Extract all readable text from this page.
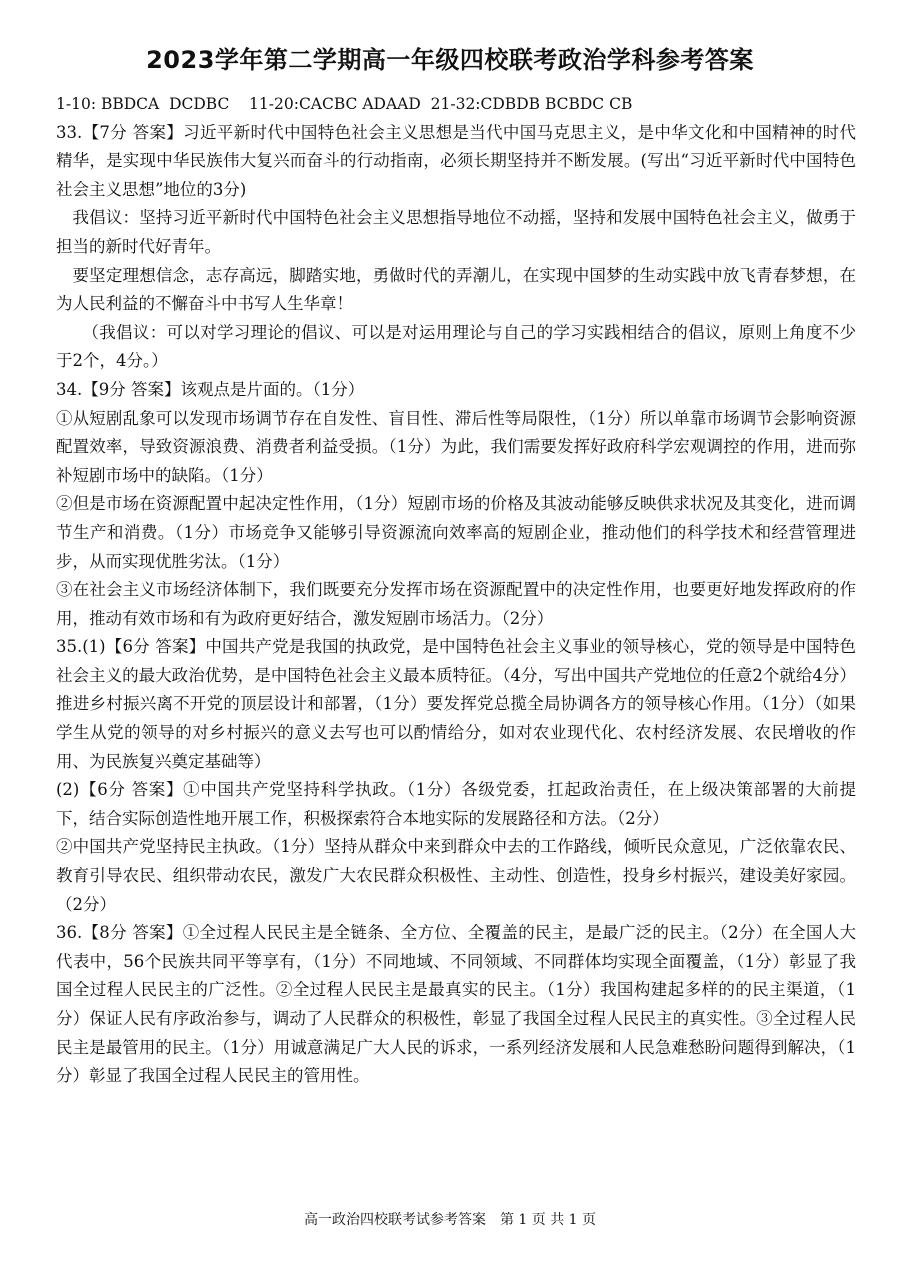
2023学年第二学期高一年级四校联考政治学科参考答案

1-10: BBDCA  DCDBC    11-20:CACBC ADAAD  21-32:CDBDB BCBDC CB

33.【7分 答案】习近平新时代中国特色社会主义思想是当代中国马克思主义，是中华文化和中国精神的时代精华，是实现中华民族伟大复兴而奋斗的行动指南，必须长期坚持并不断发展。(写出“习近平新时代中国特色社会主义思想”地位的3分)

我倡议：坚持习近平新时代中国特色社会主义思想指导地位不动摇，坚持和发展中国特色社会主义，做勇于担当的新时代好青年。

要坚定理想信念，志存高远，脚踏实地，勇做时代的弄潮儿，在实现中国梦的生动实践中放飞青春梦想，在为人民利益的不懈奋斗中书写人生华章！

（我倡议：可以对学习理论的倡议、可以是对运用理论与自己的学习实践相结合的倡议，原则上角度不少于2个，4分。）

34.【9分 答案】该观点是片面的。（1分）

①从短剧乱象可以发现市场调节存在自发性、盲目性、滞后性等局限性，（1分）所以单靠市场调节会影响资源配置效率，导致资源浪费、消费者利益受损。（1分）为此，我们需要发挥好政府科学宏观调控的作用，进而弥补短剧市场中的缺陷。（1分）

②但是市场在资源配置中起决定性作用，（1分）短剧市场的价格及其波动能够反映供求状况及其变化，进而调节生产和消费。（1分）市场竞争又能够引导资源流向效率高的短剧企业，推动他们的科学技术和经营管理进步，从而实现优胜劣汰。（1分）

③在社会主义市场经济体制下，我们既要充分发挥市场在资源配置中的决定性作用，也要更好地发挥政府的作用，推动有效市场和有为政府更好结合，激发短剧市场活力。（2分）

35.(1)【6分 答案】中国共产党是我国的执政党，是中国特色社会主义事业的领导核心，党的领导是中国特色社会主义的最大政治优势，是中国特色社会主义最本质特征。（4分，写出中国共产党地位的任意2个就给4分）推进乡村振兴离不开党的顶层设计和部署，（1分）要发挥党总揽全局协调各方的领导核心作用。（1分）（如果学生从党的领导的对乡村振兴的意义去写也可以酌情给分，如对农业现代化、农村经济发展、农民增收的作用、为民族复兴奠定基础等）

(2)【6分 答案】①中国共产党坚持科学执政。（1分）各级党委，扛起政治责任，在上级决策部署的大前提下，结合实际创造性地开展工作，积极探索符合本地实际的发展路径和方法。（2分）

②中国共产党坚持民主执政。（1分）坚持从群众中来到群众中去的工作路线，倾听民众意见，广泛依靠农民、教育引导农民、组织带动农民，激发广大农民群众积极性、主动性、创造性，投身乡村振兴，建设美好家园。（2分）

36.【8分 答案】①全过程人民民主是全链条、全方位、全覆盖的民主，是最广泛的民主。（2分）在全国人大代表中，56个民族共同平等享有，（1分）不同地域、不同领域、不同群体均实现全面覆盖，（1分）彰显了我国全过程人民民主的广泛性。②全过程人民民主是最真实的民主。（1分）我国构建起多样的的民主渠道，（1分）保证人民有序政治参与，调动了人民群众的积极性，彰显了我国全过程人民民主的真实性。③全过程人民民主是最管用的民主。（1分）用诚意满足广大人民的诉求，一系列经济发展和人民急难愁盼问题得到解决，（1分）彰显了我国全过程人民民主的管用性。

高一政治四校联考试参考答案　第 1 页 共 1 页
